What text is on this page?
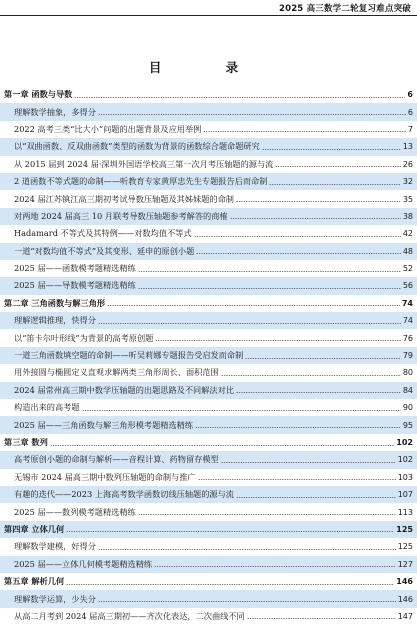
2025 高三数学二轮复习难点突破
目 录
第一章 函数与导数	6
理解数学抽象，多得分	6
2022 高考三类“比大小”问题的出题背景及应用举例	7
以“双曲函数、反双曲函数”类型的函数为背景的函数综合题命题研究	13
从 2015 届到 2024 届·深圳外国语学校高三第一次月考压轴题的源与流	26
2 道函数不等式题的命制——听教育专家黄厚忠先生专题报告后而命制	32
2024 届江苏镇江高三期初考试导数压轴题及其姊妹题的命制	35
对两地 2024 届高三 10 月联考导数压轴题参考解答的商榷	38
Hadamard 不等式及其特例——对数均值不等式	42
一道“对数均值不等式”及其变形、延申的原创小题	48
2025 届——函数模考题精选精练	52
2025 届——导数模考题精选精练	56
第二章 三角函数与解三角形	74
理解逻辑推理，快得分	74
以“笛卡尔叶形线”为背景的高考原创题	76
一道三角函数填空题的命制——听吴莉娜专题报告受启发而命制	79
用外接圆与椭圆定义直观求解两类三角形周长、面积范围	80
2024 届常州高三期中数学压轴题的出题思路及不同解法对比	84
构造出来的高考题	90
2025 届——三角函数与解三角形模考题精选精练	95
第三章 数列	102
高考原创小题的命制与解析——音程计算、药物留存模型	102
无锡市 2024 届高三期中数列压轴题的命制与推广	103
有趣的迭代——2023 上海高考数学函数切线压轴题的源与流	107
2025 届——数列模考题精选精练	113
第四章 立体几何	125
理解数学建模，好得分	125
2025 届——立体几何模考题精选精练	127
第五章 解析几何	146
理解数学运算，少失分	146
从高二月考到 2024 届高三期初——齐次化表达，二次曲线不同	147
